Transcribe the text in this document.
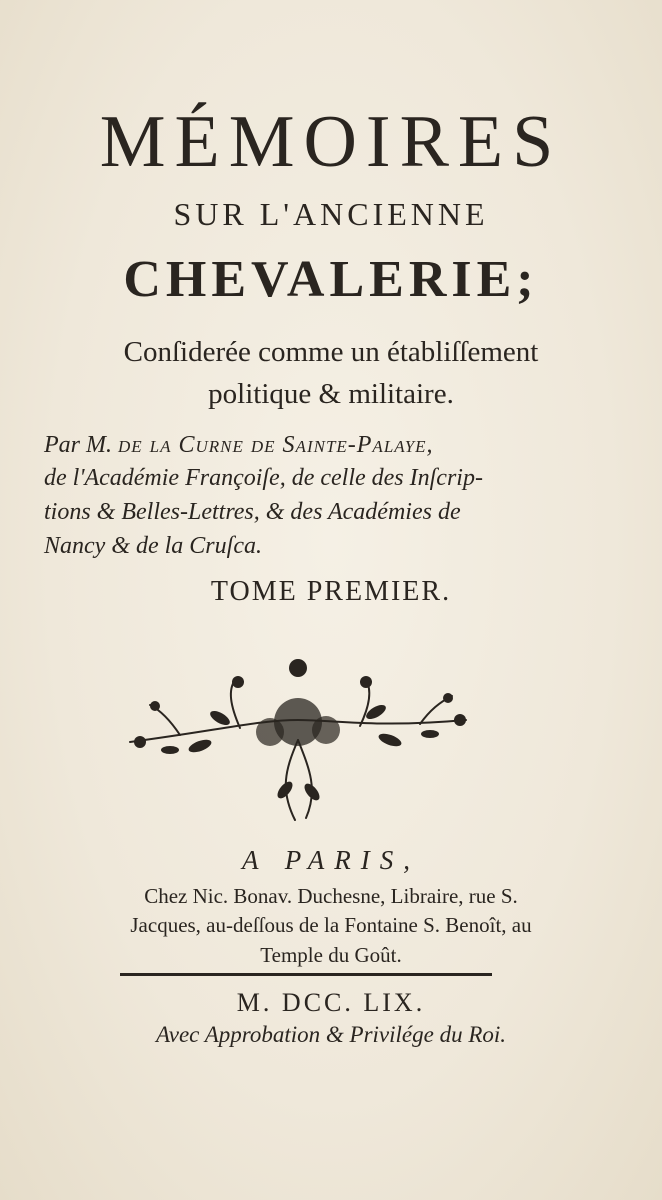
MÉMOIRES
SUR L'ANCIENNE
CHEVALERIE;
Conſiderée comme un établiſſement
politique & militaire.
Par M. de la Curne de Sainte-Palaye,
de l'Académie Françoiſe, de celle des Inſcrip-
tions & Belles-Lettres, & des Académies de
Nancy & de la Cruſca.
TOME PREMIER.
A PARIS,
Chez Nic. Bonav. Duchesne, Libraire, rue S.
Jacques, au-deſſous de la Fontaine S. Benoît, au
Temple du Goût.
M. DCC. LIX.
Avec Approbation & Privilége du Roi.
